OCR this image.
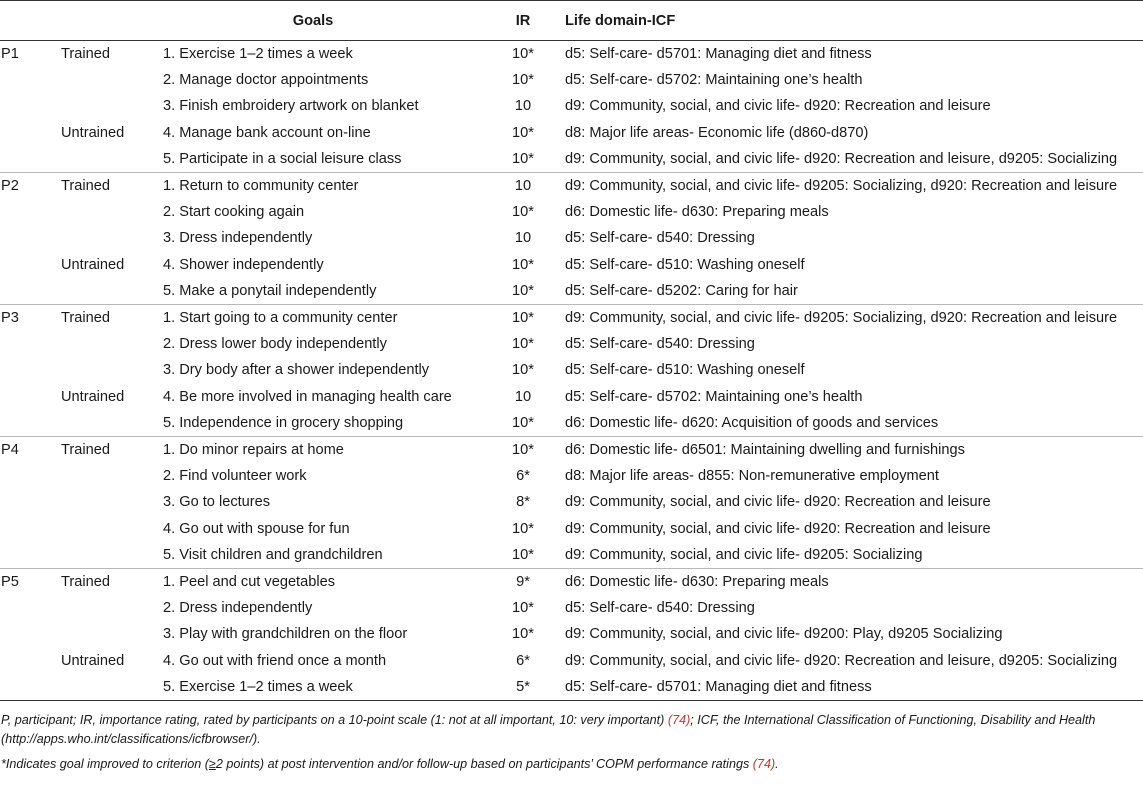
		Goals	IR	Life domain-ICF
P1	Trained	1. Exercise 1–2 times a week	10*	d5: Self-care- d5701: Managing diet and fitness
		2. Manage doctor appointments	10*	d5: Self-care- d5702: Maintaining one’s health
		3. Finish embroidery artwork on blanket	10	d9: Community, social, and civic life- d920: Recreation and leisure
	Untrained	4. Manage bank account on-line	10*	d8: Major life areas- Economic life (d860-d870)
		5. Participate in a social leisure class	10*	d9: Community, social, and civic life- d920: Recreation and leisure, d9205: Socializing
P2	Trained	1. Return to community center	10	d9: Community, social, and civic life- d9205: Socializing, d920: Recreation and leisure
		2. Start cooking again	10*	d6: Domestic life- d630: Preparing meals
		3. Dress independently	10	d5: Self-care- d540: Dressing
	Untrained	4. Shower independently	10*	d5: Self-care- d510: Washing oneself
		5. Make a ponytail independently	10*	d5: Self-care- d5202: Caring for hair
P3	Trained	1. Start going to a community center	10*	d9: Community, social, and civic life- d9205: Socializing, d920: Recreation and leisure
		2. Dress lower body independently	10*	d5: Self-care- d540: Dressing
		3. Dry body after a shower independently	10*	d5: Self-care- d510: Washing oneself
	Untrained	4. Be more involved in managing health care	10	d5: Self-care- d5702: Maintaining one’s health
		5. Independence in grocery shopping	10*	d6: Domestic life- d620: Acquisition of goods and services
P4	Trained	1. Do minor repairs at home	10*	d6: Domestic life- d6501: Maintaining dwelling and furnishings
		2. Find volunteer work	6*	d8: Major life areas- d855: Non-remunerative employment
		3. Go to lectures	8*	d9: Community, social, and civic life- d920: Recreation and leisure
		4. Go out with spouse for fun	10*	d9: Community, social, and civic life- d920: Recreation and leisure
		5. Visit children and grandchildren	10*	d9: Community, social, and civic life- d9205: Socializing
P5	Trained	1. Peel and cut vegetables	9*	d6: Domestic life- d630: Preparing meals
		2. Dress independently	10*	d5: Self-care- d540: Dressing
		3. Play with grandchildren on the floor	10*	d9: Community, social, and civic life- d9200: Play, d9205 Socializing
	Untrained	4. Go out with friend once a month	6*	d9: Community, social, and civic life- d920: Recreation and leisure, d9205: Socializing
		5. Exercise 1–2 times a week	5*	d5: Self-care- d5701: Managing diet and fitness

P, participant; IR, importance rating, rated by participants on a 10-point scale (1: not at all important, 10: very important) (74); ICF, the International Classification of Functioning, Disability and Health (http://apps.who.int/classifications/icfbrowser/).

*Indicates goal improved to criterion (≥2 points) at post intervention and/or follow-up based on participants’ COPM performance ratings (74).
